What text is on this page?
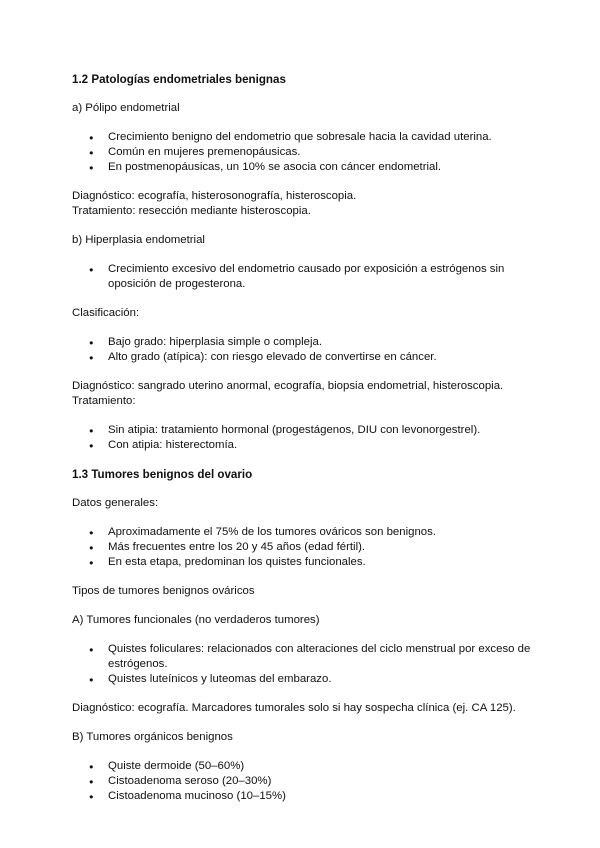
1.2 Patologías endometriales benignas

a) Pólipo endometrial

● Crecimiento benigno del endometrio que sobresale hacia la cavidad uterina.
● Común en mujeres premenopáusicas.
● En postmenopáusicas, un 10% se asocia con cáncer endometrial.

Diagnóstico: ecografía, histerosonografía, histeroscopia.

Tratamiento: resección mediante histeroscopia.

b) Hiperplasia endometrial

● Crecimiento excesivo del endometrio causado por exposición a estrógenos sin oposición de progesterona.

Clasificación:

● Bajo grado: hiperplasia simple o compleja.
● Alto grado (atípica): con riesgo elevado de convertirse en cáncer.

Diagnóstico: sangrado uterino anormal, ecografía, biopsia endometrial, histeroscopia.

Tratamiento:

● Sin atipia: tratamiento hormonal (progestágenos, DIU con levonorgestrel).
● Con atipia: histerectomía.
1.3 Tumores benignos del ovario

Datos generales:

● Aproximadamente el 75% de los tumores ováricos son benignos.
● Más frecuentes entre los 20 y 45 años (edad fértil).
● En esta etapa, predominan los quistes funcionales.

Tipos de tumores benignos ováricos

A) Tumores funcionales (no verdaderos tumores)

● Quistes foliculares: relacionados con alteraciones del ciclo menstrual por exceso de estrógenos.
● Quistes luteínicos y luteomas del embarazo.

Diagnóstico: ecografía. Marcadores tumorales solo si hay sospecha clínica (ej. CA 125).

B) Tumores orgánicos benignos

● Quiste dermoide (50–60%)
● Cistoadenoma seroso (20–30%)
● Cistoadenoma mucinoso (10–15%)
